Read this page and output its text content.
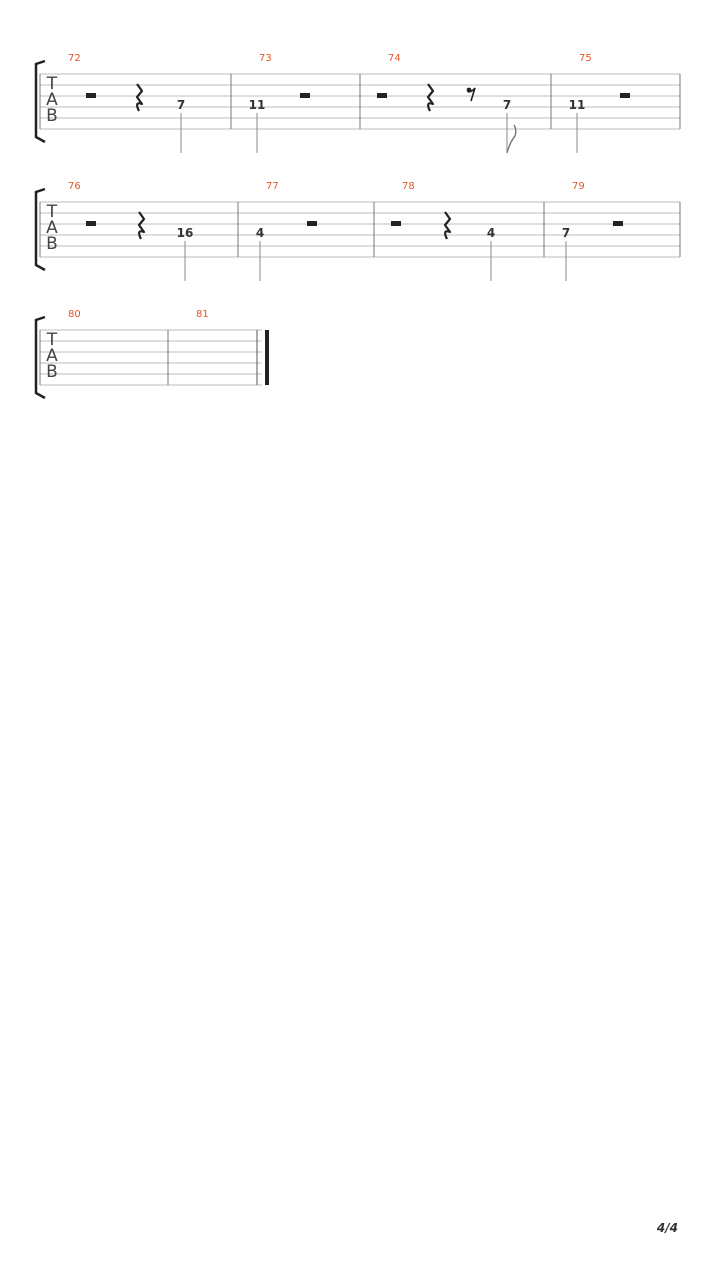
T
A
B
72
7
73
11
74
7
75
11
T
A
B
76
16
77
4
78
4
79
7
T
A
B
80	81
4/4
